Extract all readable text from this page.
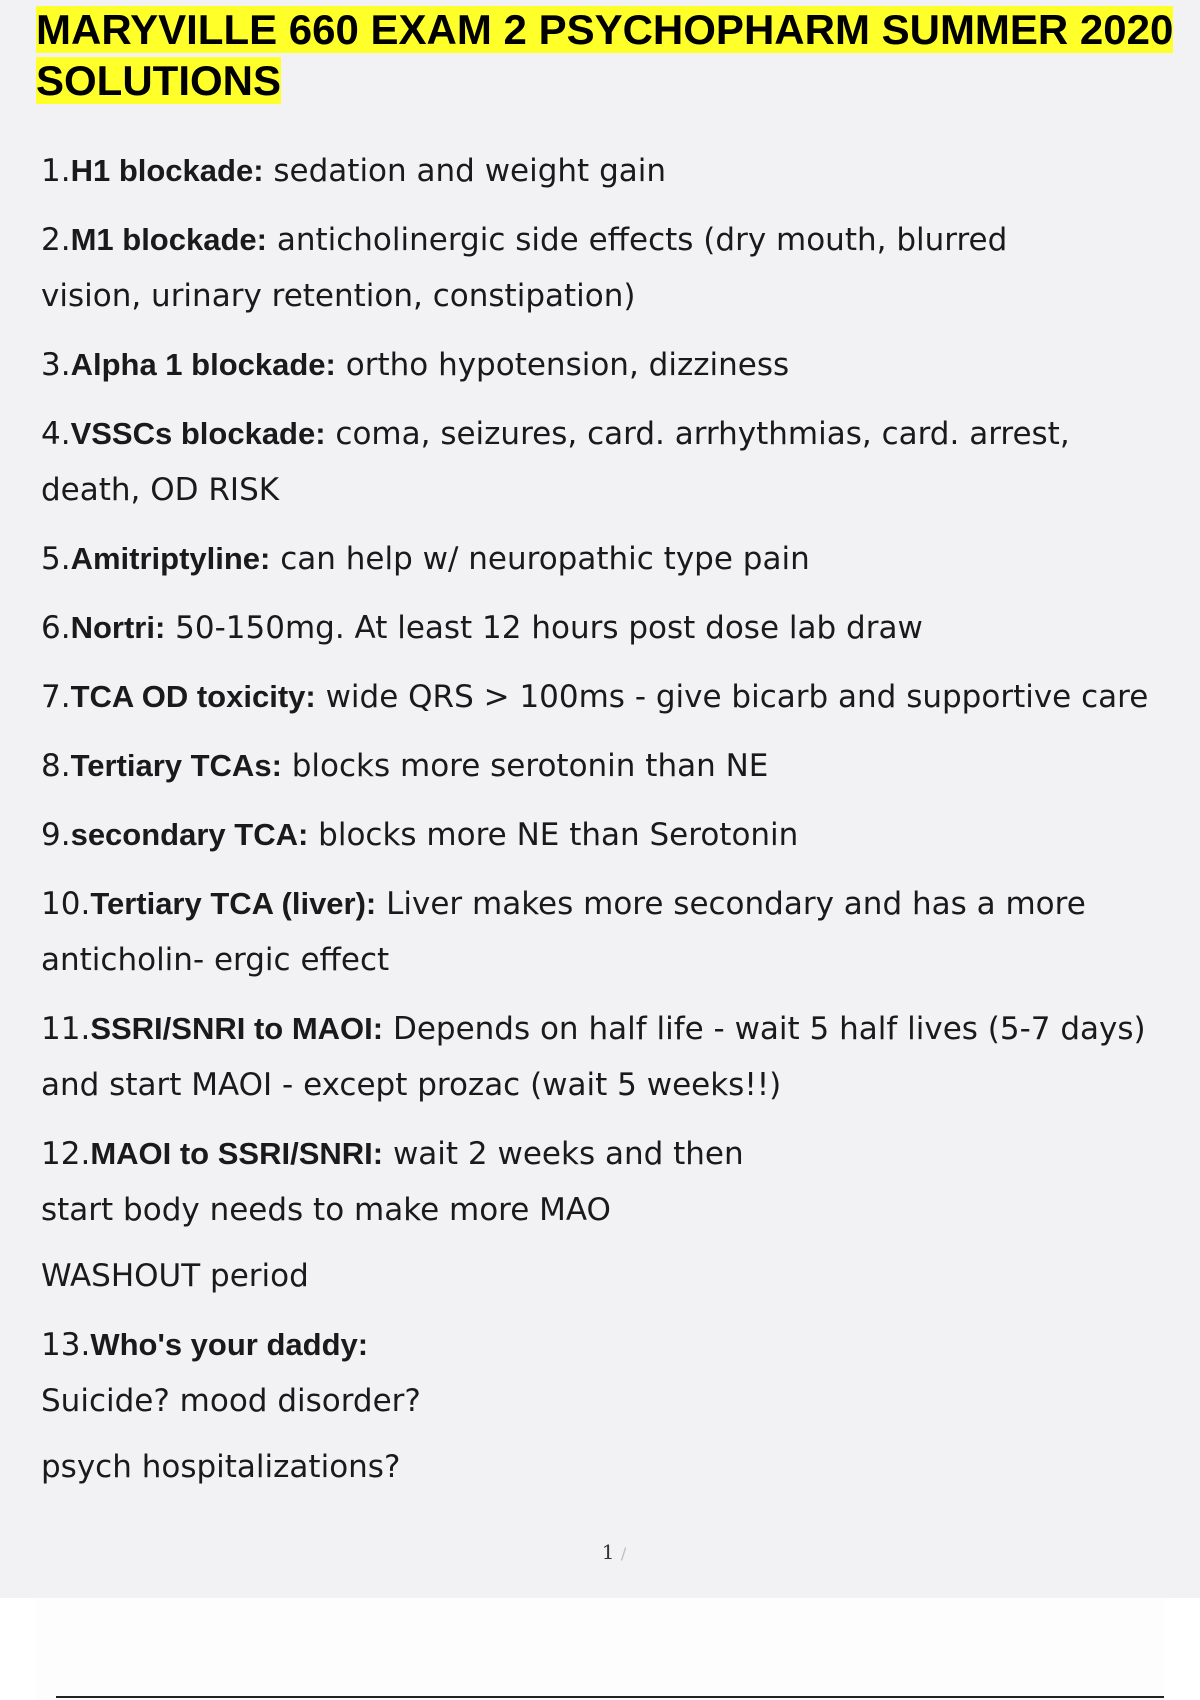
MARYVILLE 660 EXAM 2 PSYCHOPHARM SUMMER 2020 SOLUTIONS
1.H1 blockade: sedation and weight gain
2.M1 blockade: anticholinergic side effects (dry mouth, blurred
vision, urinary retention, constipation)
3.Alpha 1 blockade: ortho hypotension, dizziness
4.VSSCs blockade: coma, seizures, card. arrhythmias, card. arrest,
death, OD RISK
5.Amitriptyline: can help w/ neuropathic type pain
6.Nortri: 50-150mg. At least 12 hours post dose lab draw
7.TCA OD toxicity: wide QRS > 100ms - give bicarb and supportive care
8.Tertiary TCAs: blocks more serotonin than NE
9.secondary TCA: blocks more NE than Serotonin
10.Tertiary TCA (liver): Liver makes more secondary and has a more
anticholin- ergic effect
11.SSRI/SNRI to MAOI: Depends on half life - wait 5 half lives (5-7 days)
and start MAOI - except prozac (wait 5 weeks!!)
12.MAOI to SSRI/SNRI: wait 2 weeks and then
start body needs to make more MAO
WASHOUT period
13.Who's your daddy:
Suicide? mood disorder?
psych hospitalizations?
1 /
